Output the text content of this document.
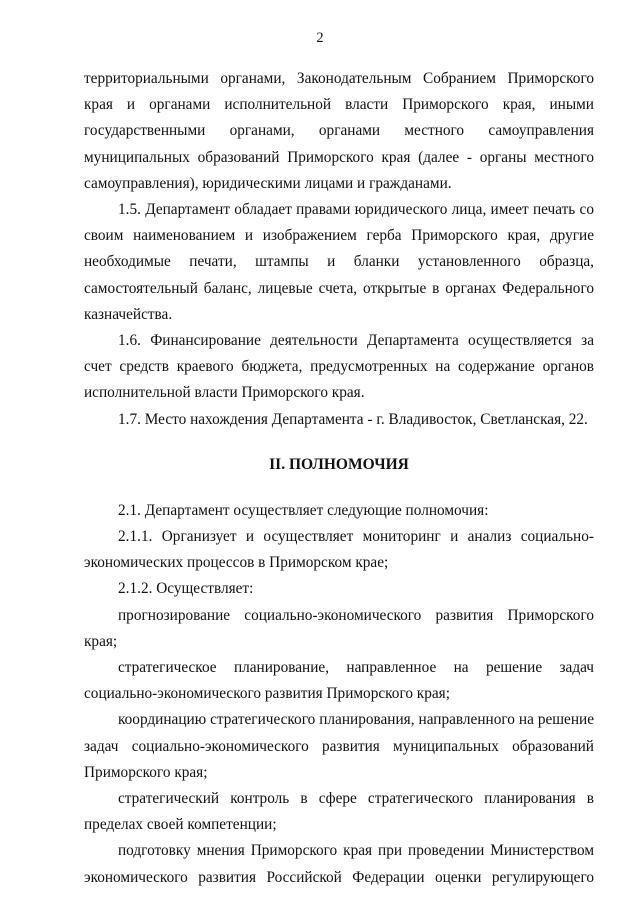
2

территориальными органами, Законодательным Собранием Приморского края и органами исполнительной власти Приморского края, иными государственными органами, органами местного самоуправления муниципальных образований Приморского края (далее - органы местного самоуправления), юридическими лицами и гражданами.

1.5. Департамент обладает правами юридического лица, имеет печать со своим наименованием и изображением герба Приморского края, другие необходимые печати, штампы и бланки установленного образца, самостоятельный баланс, лицевые счета, открытые в органах Федерального казначейства.

1.6. Финансирование деятельности Департамента осуществляется за счет средств краевого бюджета, предусмотренных на содержание органов исполнительной власти Приморского края.

1.7. Место нахождения Департамента - г. Владивосток, Светланская, 22.

II. ПОЛНОМОЧИЯ

2.1. Департамент осуществляет следующие полномочия:

2.1.1. Организует и осуществляет мониторинг и анализ социально-экономических процессов в Приморском крае;

2.1.2. Осуществляет:

прогнозирование социально-экономического развития Приморского края;

стратегическое планирование, направленное на решение задач социально-экономического развития Приморского края;

координацию стратегического планирования, направленного на решение задач социально-экономического развития муниципальных образований Приморского края;

стратегический контроль в сфере стратегического планирования в пределах своей компетенции;

подготовку мнения Приморского края при проведении Министерством экономического развития Российской Федерации оценки регулирующего
